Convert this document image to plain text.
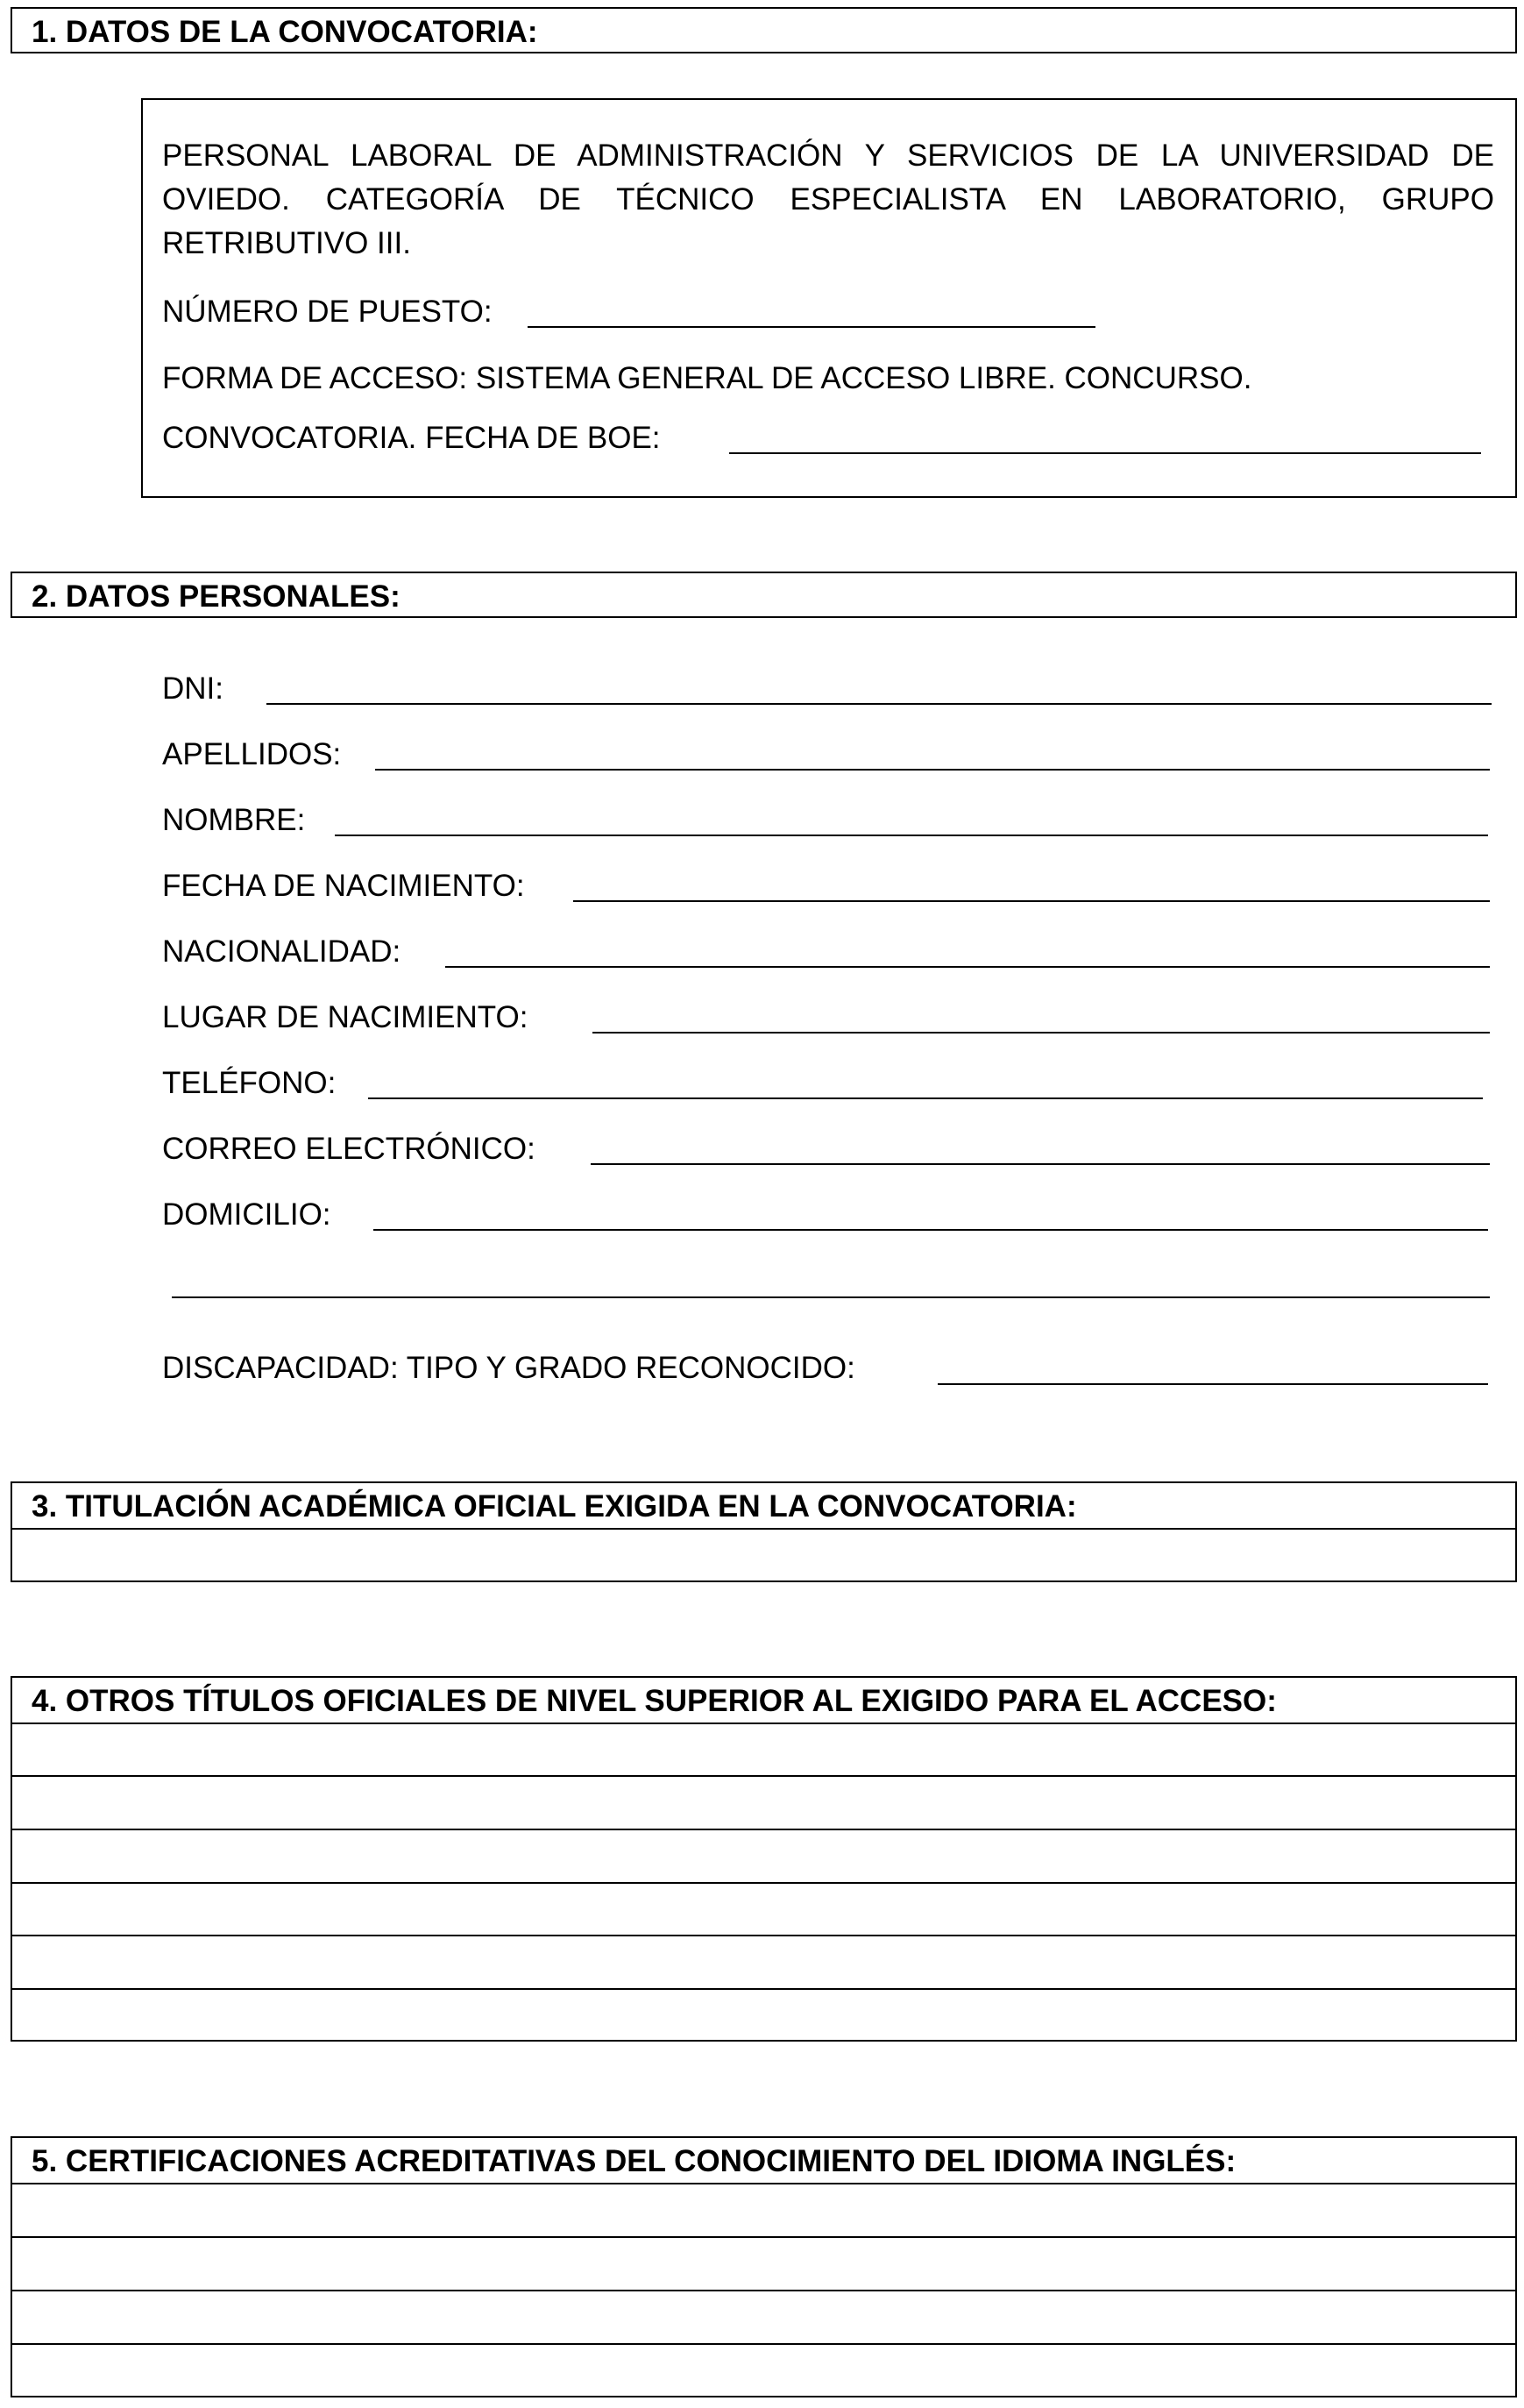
1. DATOS DE LA CONVOCATORIA:
PERSONAL LABORAL DE ADMINISTRACIÓN Y SERVICIOS DE LA UNIVERSIDAD DE OVIEDO. CATEGORÍA DE TÉCNICO ESPECIALISTA EN LABORATORIO, GRUPO RETRIBUTIVO III.
NÚMERO DE PUESTO:
FORMA DE ACCESO: SISTEMA GENERAL DE ACCESO LIBRE. CONCURSO.
CONVOCATORIA. FECHA DE BOE:
2. DATOS PERSONALES:
DNI:
APELLIDOS:
NOMBRE:
FECHA DE NACIMIENTO:
NACIONALIDAD:
LUGAR DE NACIMIENTO:
TELÉFONO:
CORREO ELECTRÓNICO:
DOMICILIO:
DISCAPACIDAD: TIPO Y GRADO RECONOCIDO:
3. TITULACIÓN ACADÉMICA OFICIAL EXIGIDA EN LA CONVOCATORIA:
4. OTROS TÍTULOS OFICIALES DE NIVEL SUPERIOR AL EXIGIDO PARA EL ACCESO:
5. CERTIFICACIONES ACREDITATIVAS DEL CONOCIMIENTO DEL IDIOMA INGLÉS:
